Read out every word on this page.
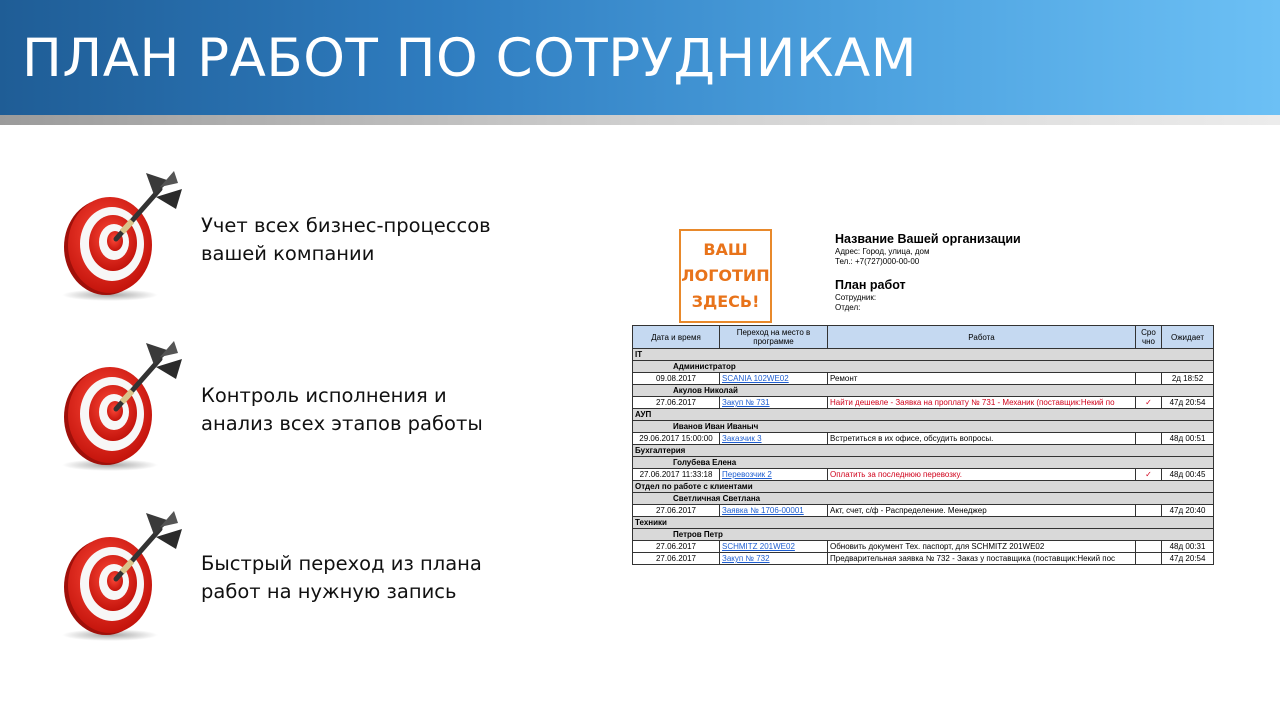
ПЛАН РАБОТ ПО СОТРУДНИКАМ
Учет всех бизнес-процессов
вашей компании
Контроль исполнения и
анализ всех этапов работы
Быстрый переход из плана
работ на нужную запись
ВАШ
ЛОГОТИП
ЗДЕСЬ!
Название Вашей организации
Адрес: Город, улица, дом
Тел.: +7(727)000-00-00
План работ
Сотрудник:
Отдел:
Дата и время	Переход на место в программе	Работа	Сро чно	Ожидает
IT				
Администратор				
09.08.2017	SCANIA 102WE02	Ремонт		2д 18:52
Акулов Николай				
27.06.2017	Закуп № 731	Найти дешевле - Заявка на проплату № 731 - Механик (поставщик:Некий по	✓	47д 20:54
АУП				
Иванов Иван Иваныч				
29.06.2017 15:00:00	Заказчик 3	Встретиться в их офисе, обсудить вопросы.		48д 00:51
Бухгалтерия				
Голубева Елена				
27.06.2017 11:33:18	Перевозчик 2	Оплатить за последнюю перевозку.	✓	48д 00:45
Отдел по работе с клиентами				
Светличная Светлана				
27.06.2017	Заявка № 1706-00001	Акт, счет, с/ф - Распределение. Менеджер		47д 20:40
Техники				
Петров Петр				
27.06.2017	SCHMITZ 201WE02	Обновить документ Тех. паспорт, для SCHMITZ 201WE02		48д 00:31
27.06.2017	Закуп № 732	Предварительная заявка № 732 - Заказ у поставщика (поставщик:Некий пос		47д 20:54
